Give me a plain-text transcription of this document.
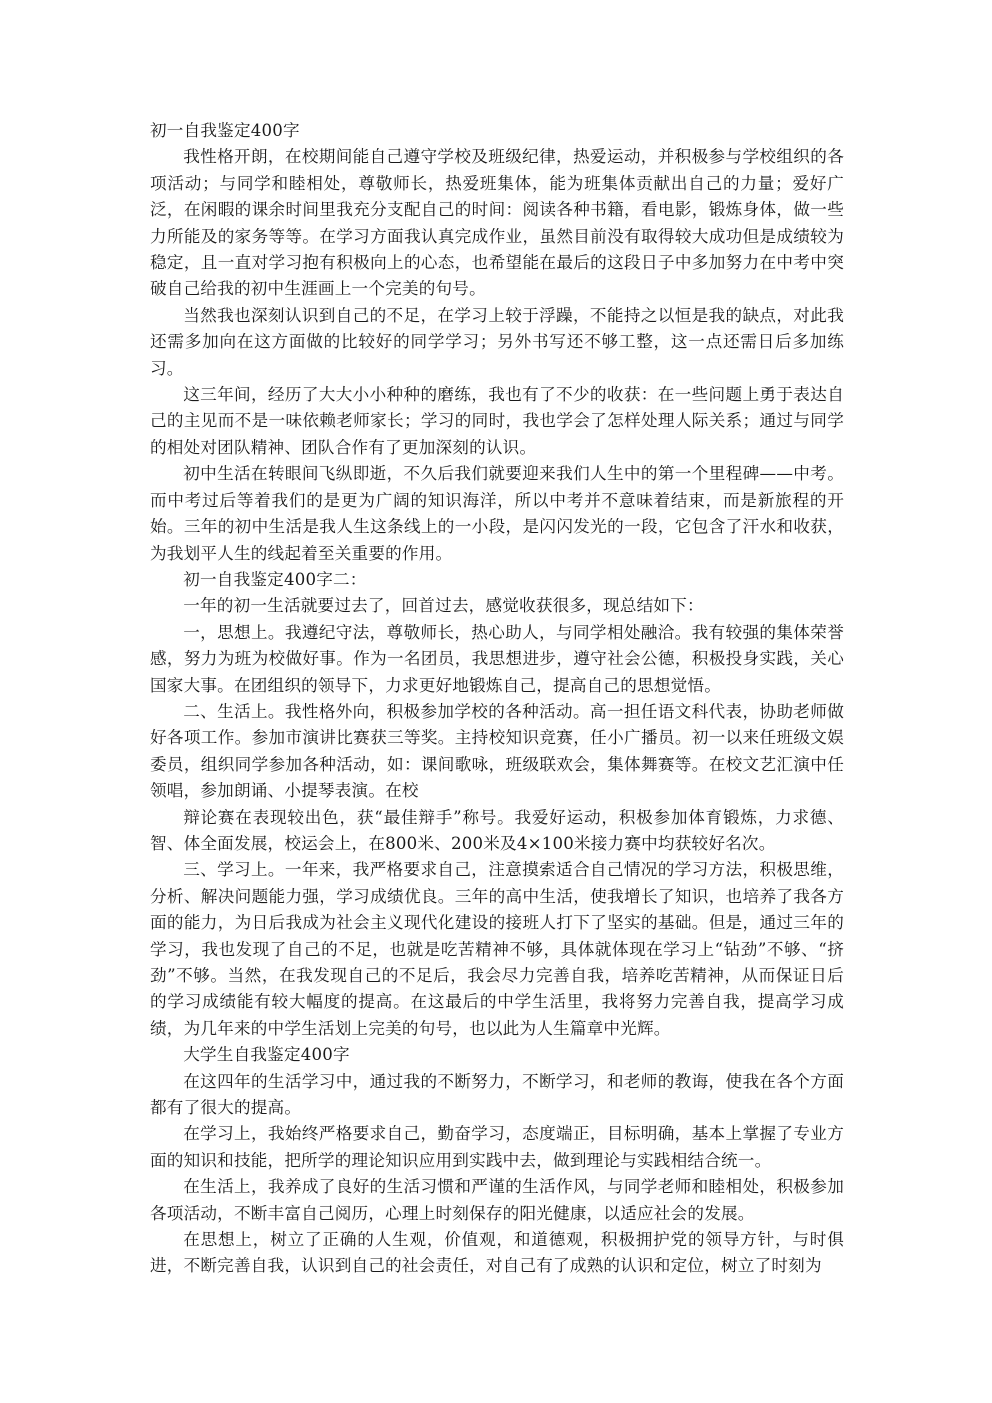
初一自我鉴定400字

我性格开朗，在校期间能自己遵守学校及班级纪律，热爱运动，并积极参与学校组织的各项活动；与同学和睦相处，尊敬师长，热爱班集体，能为班集体贡献出自己的力量；爱好广泛，在闲暇的课余时间里我充分支配自己的时间：阅读各种书籍，看电影，锻炼身体，做一些力所能及的家务等等。在学习方面我认真完成作业，虽然目前没有取得较大成功但是成绩较为稳定，且一直对学习抱有积极向上的心态，也希望能在最后的这段日子中多加努力在中考中突破自己给我的初中生涯画上一个完美的句号。

当然我也深刻认识到自己的不足，在学习上较于浮躁，不能持之以恒是我的缺点，对此我还需多加向在这方面做的比较好的同学学习；另外书写还不够工整，这一点还需日后多加练习。

这三年间，经历了大大小小种种的磨练，我也有了不少的收获：在一些问题上勇于表达自己的主见而不是一味依赖老师家长；学习的同时，我也学会了怎样处理人际关系；通过与同学的相处对团队精神、团队合作有了更加深刻的认识。

初中生活在转眼间飞纵即逝，不久后我们就要迎来我们人生中的第一个里程碑——中考。而中考过后等着我们的是更为广阔的知识海洋，所以中考并不意味着结束，而是新旅程的开始。三年的初中生活是我人生这条线上的一小段，是闪闪发光的一段，它包含了汗水和收获，为我划平人生的线起着至关重要的作用。

初一自我鉴定400字二：

一年的初一生活就要过去了，回首过去，感觉收获很多，现总结如下：

一，思想上。我遵纪守法，尊敬师长，热心助人，与同学相处融洽。我有较强的集体荣誉感，努力为班为校做好事。作为一名团员，我思想进步，遵守社会公德，积极投身实践，关心国家大事。在团组织的领导下，力求更好地锻炼自己，提高自己的思想觉悟。

二、生活上。我性格外向，积极参加学校的各种活动。高一担任语文科代表，协助老师做好各项工作。参加市演讲比赛获三等奖。主持校知识竞赛，任小广播员。初一以来任班级文娱委员，组织同学参加各种活动，如：课间歌咏，班级联欢会，集体舞赛等。在校文艺汇演中任领唱，参加朗诵、小提琴表演。在校

辩论赛在表现较出色，获“最佳辩手”称号。我爱好运动，积极参加体育锻炼，力求德、智、体全面发展，校运会上，在800米、200米及4×100米接力赛中均获较好名次。

三、学习上。一年来，我严格要求自己，注意摸索适合自己情况的学习方法，积极思维，分析、解决问题能力强，学习成绩优良。三年的高中生活，使我增长了知识，也培养了我各方面的能力，为日后我成为社会主义现代化建设的接班人打下了坚实的基础。但是，通过三年的学习，我也发现了自己的不足，也就是吃苦精神不够，具体就体现在学习上“钻劲”不够、“挤劲”不够。当然，在我发现自己的不足后，我会尽力完善自我，培养吃苦精神，从而保证日后的学习成绩能有较大幅度的提高。在这最后的中学生活里，我将努力完善自我，提高学习成绩，为几年来的中学生活划上完美的句号，也以此为人生篇章中光辉。

大学生自我鉴定400字

在这四年的生活学习中，通过我的不断努力，不断学习，和老师的教诲，使我在各个方面都有了很大的提高。

在学习上，我始终严格要求自己，勤奋学习，态度端正，目标明确，基本上掌握了专业方面的知识和技能，把所学的理论知识应用到实践中去，做到理论与实践相结合统一。

在生活上，我养成了良好的生活习惯和严谨的生活作风，与同学老师和睦相处，积极参加各项活动，不断丰富自己阅历，心理上时刻保存的阳光健康，以适应社会的发展。

在思想上，树立了正确的人生观，价值观，和道德观，积极拥护党的领导方针，与时俱进，不断完善自我，认识到自己的社会责任，对自己有了成熟的认识和定位，树立了时刻为
